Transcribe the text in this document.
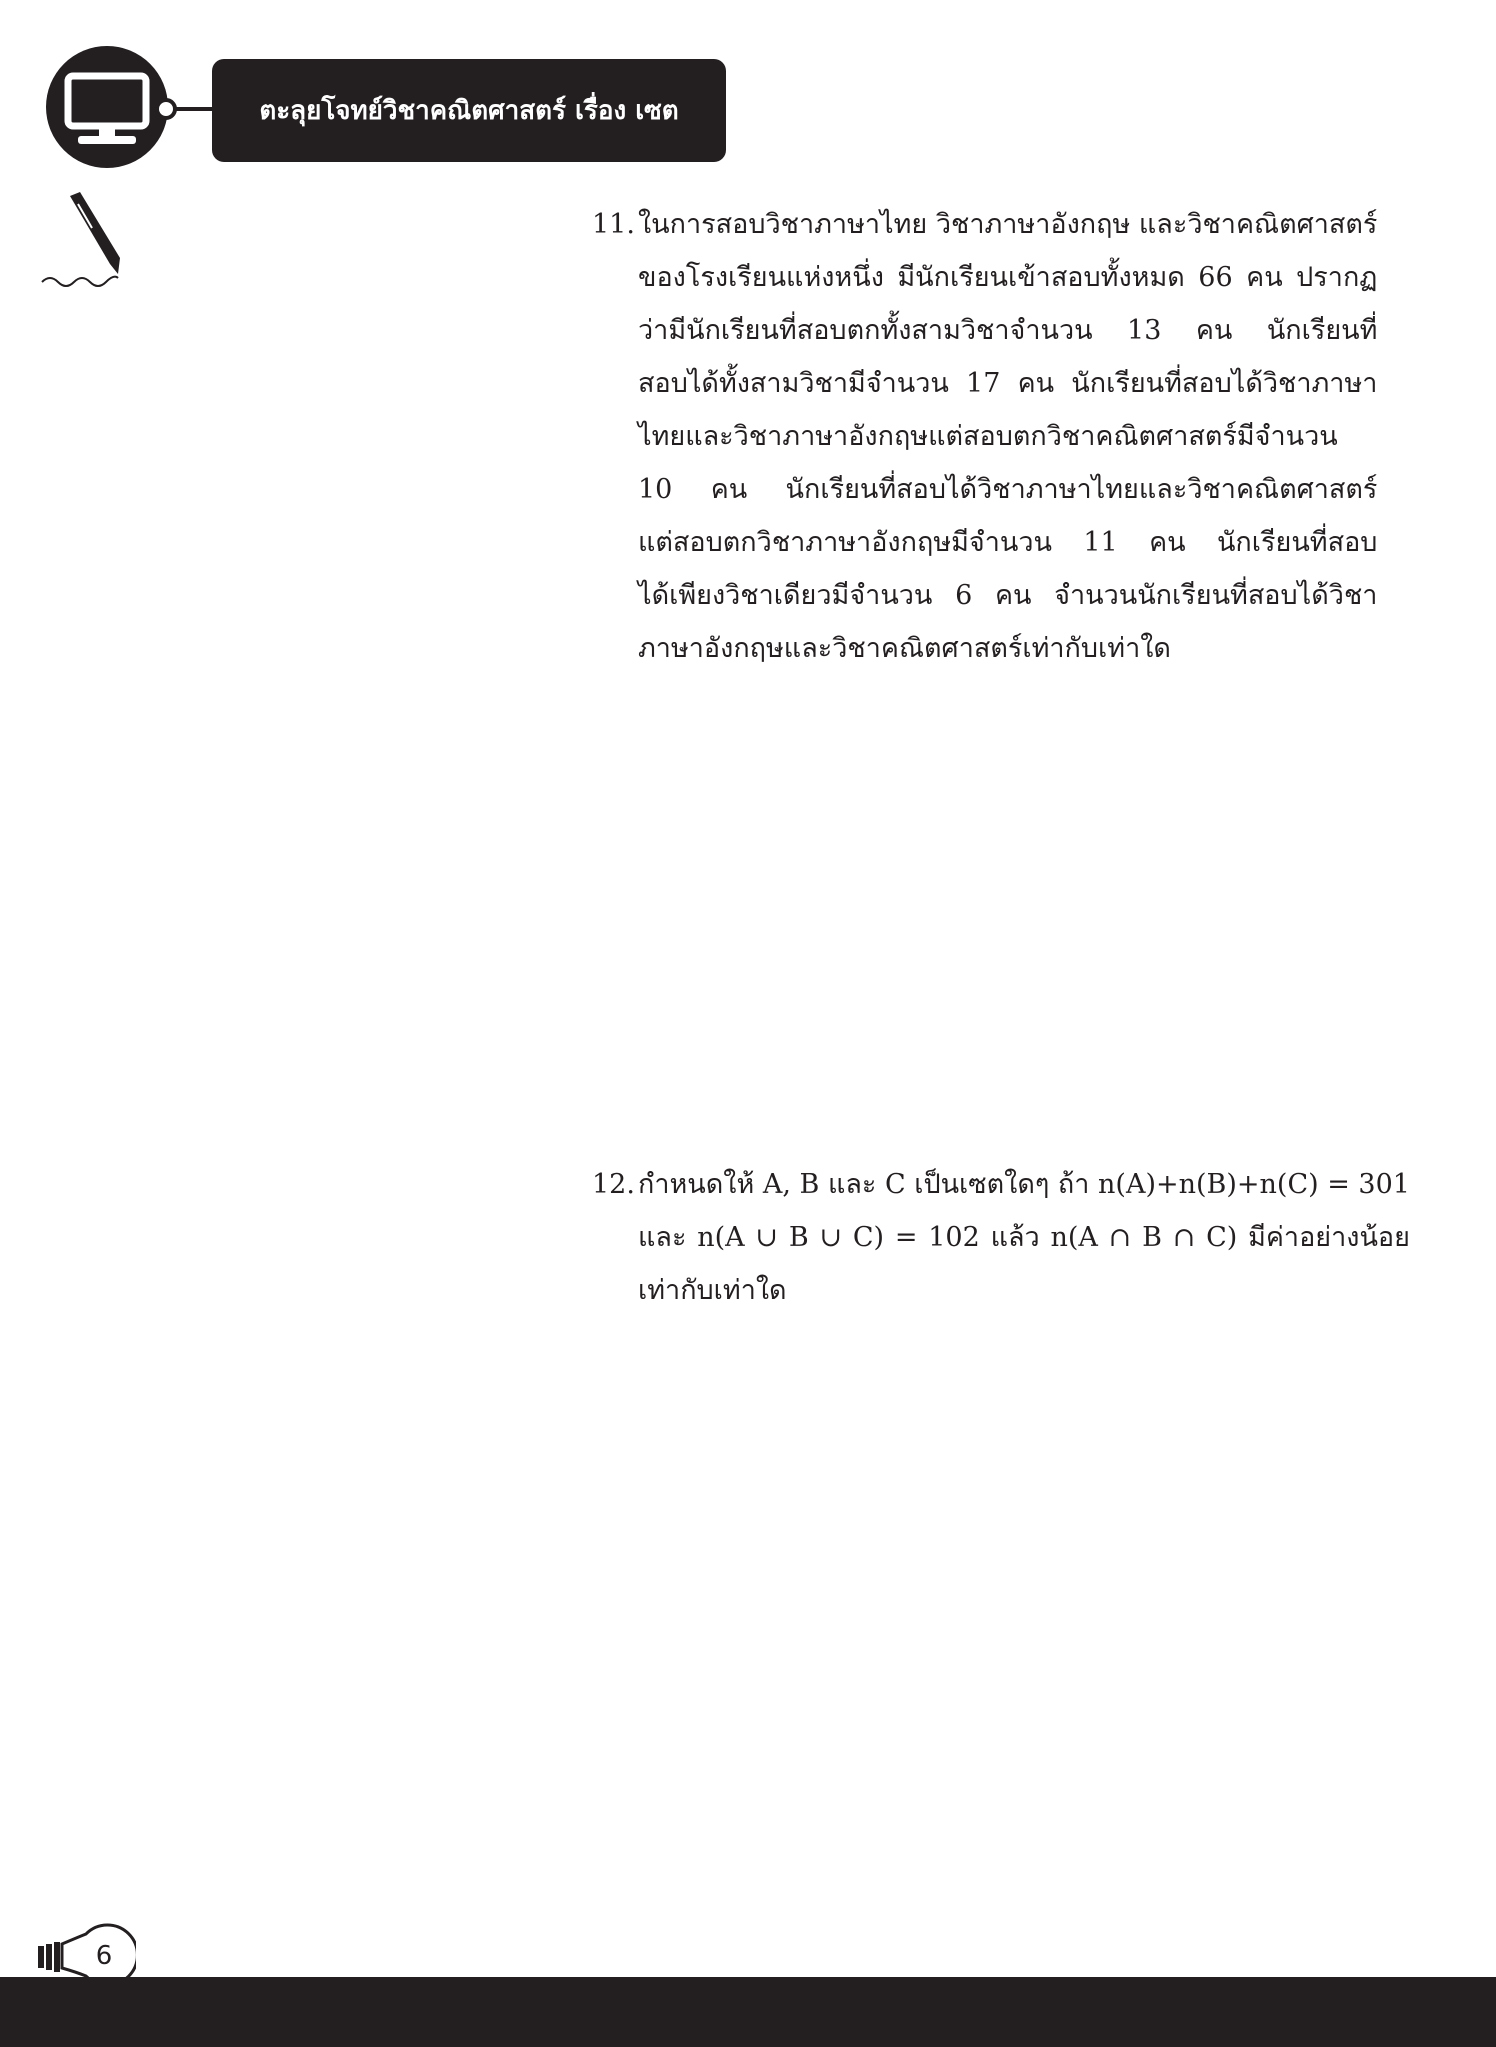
ตะลุยโจทย์วิชาคณิตศาสตร์ เรื่อง เซต
11. ในการสอบวิชาภาษาไทย วิชาภาษาอังกฤษ และวิชาคณิตศาสตร์
ของโรงเรียนแห่งหนึ่ง มีนักเรียนเข้าสอบทั้งหมด 66 คน ปรากฏ
ว่ามีนักเรียนที่สอบตกทั้งสามวิชาจำนวน 13 คน นักเรียนที่
สอบได้ทั้งสามวิชามีจำนวน 17 คน นักเรียนที่สอบได้วิชาภาษา
ไทยและวิชาภาษาอังกฤษแต่สอบตกวิชาคณิตศาสตร์มีจำนวน
10 คน นักเรียนที่สอบได้วิชาภาษาไทยและวิชาคณิตศาสตร์
แต่สอบตกวิชาภาษาอังกฤษมีจำนวน 11 คน นักเรียนที่สอบ
ได้เพียงวิชาเดียวมีจำนวน 6 คน จำนวนนักเรียนที่สอบได้วิชา
ภาษาอังกฤษและวิชาคณิตศาสตร์เท่ากับเท่าใด
12. กำหนดให้ A, B และ C เป็นเซตใดๆ ถ้า n(A)+n(B)+n(C) = 301
และ n(A ∪ B ∪ C) = 102 แล้ว n(A ∩ B ∩ C) มีค่าอย่างน้อย
เท่ากับเท่าใด
6
